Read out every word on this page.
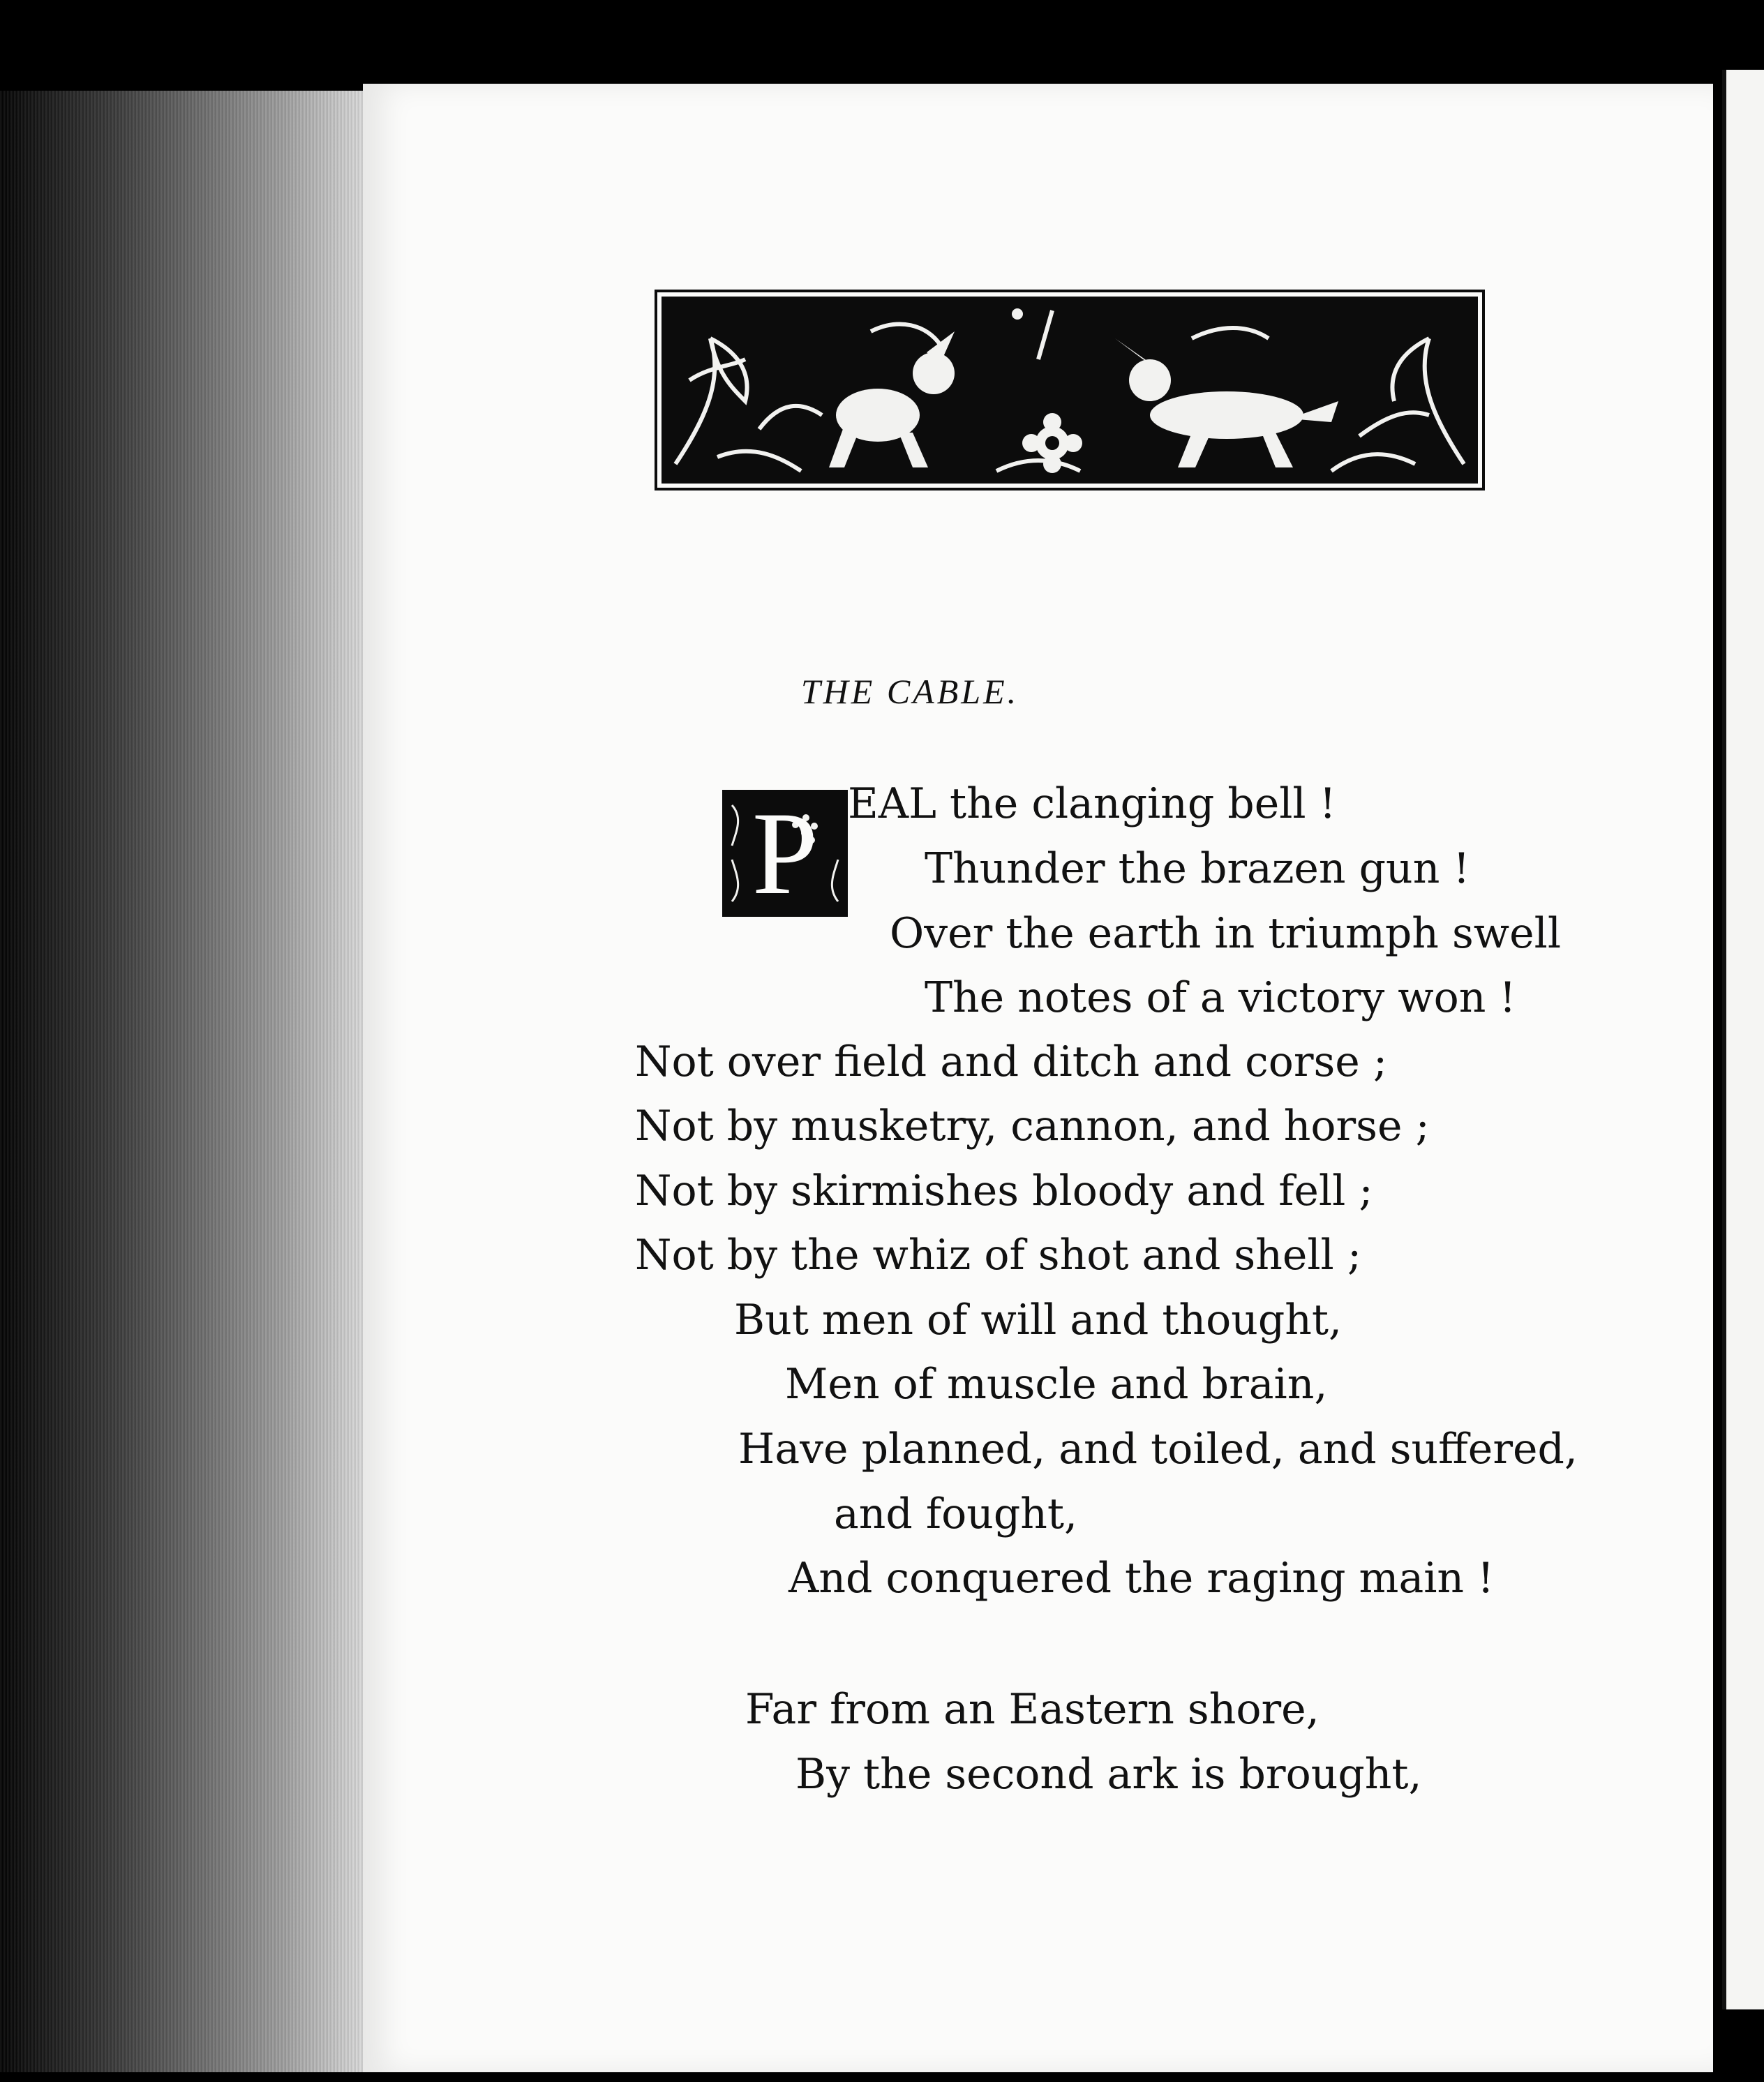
THE CABLE.
P EAL the clanging bell !
Thunder the brazen gun !
Over the earth in triumph swell
The notes of a victory won !
Not over field and ditch and corse ;
Not by musketry, cannon, and horse ;
Not by skirmishes bloody and fell ;
Not by the whiz of shot and shell ;
But men of will and thought,
Men of muscle and brain,
Have planned, and toiled, and suffered,
and fought,
And conquered the raging main !
Far from an Eastern shore,
By the second ark is brought,
